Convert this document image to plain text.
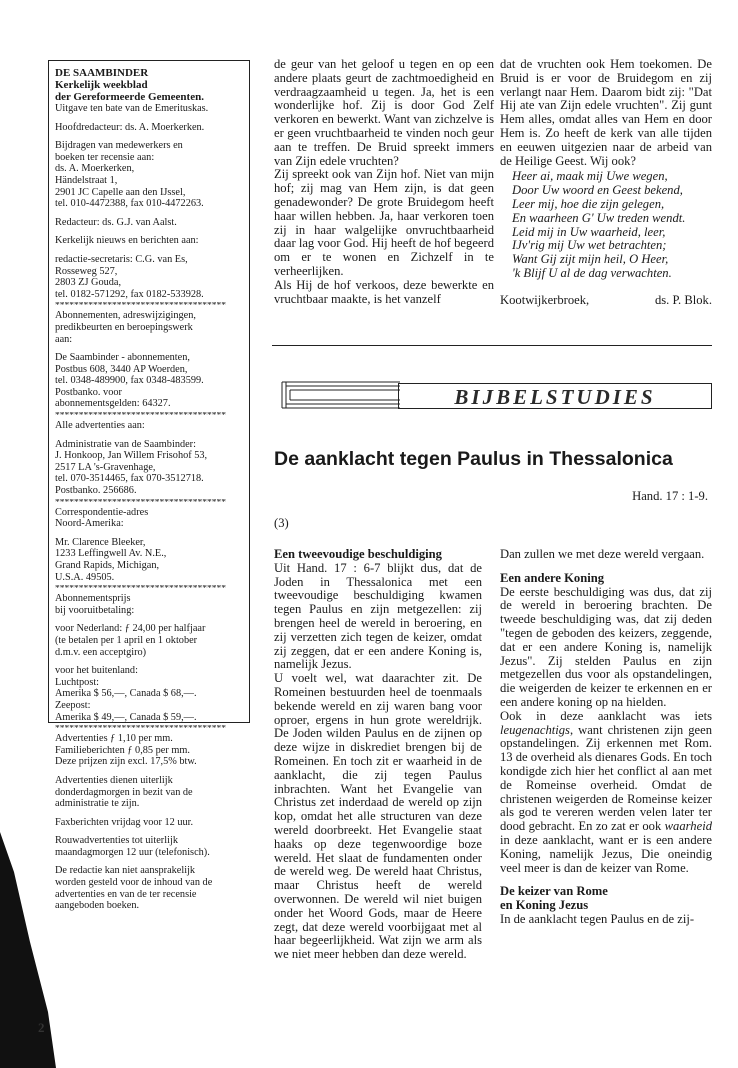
DE SAAMBINDER
Kerkelijk weekblad
der Gereformeerde Gemeenten.
Uitgave ten bate van de Emerituskas.
Hoofdredacteur: ds. A. Moerkerken.
Bijdragen van medewerkers en
boeken ter recensie aan:
ds. A. Moerkerken,
Händelstraat 1,
2901 JC Capelle aan den IJssel,
tel. 010-4472388, fax 010-4472263.
Redacteur: ds. G.J. van Aalst.
Kerkelijk nieuws en berichten aan:
redactie-secretaris: C.G. van Es,
Rosseweg 527,
2803 ZJ Gouda,
tel. 0182-571292, fax 0182-533928.
************************************
Abonnementen, adreswijzigingen,
predikbeurten en beroepingswerk
aan:
De Saambinder - abonnementen,
Postbus 608, 3440 AP Woerden,
tel. 0348-489900, fax 0348-483599.
Postbanko. voor
abonnementsgelden: 64327.
************************************
Alle advertenties aan:
Administratie van de Saambinder:
J. Honkoop, Jan Willem Frisohof 53,
2517 LA 's-Gravenhage,
tel. 070-3514465, fax 070-3512718.
Postbanko. 256686.
************************************
Correspondentie-adres
Noord-Amerika:
Mr. Clarence Bleeker,
1233 Leffingwell Av. N.E.,
Grand Rapids, Michigan,
U.S.A. 49505.
************************************
Abonnementsprijs
bij vooruitbetaling:
voor Nederland: ƒ 24,00 per halfjaar
(te betalen per 1 april en 1 oktober
d.m.v. een acceptgiro)
voor het buitenland:
Luchtpost:
Amerika $ 56,—, Canada $ 68,—.
Zeepost:
Amerika $ 49,—, Canada $ 59,—.
************************************
Advertenties ƒ 1,10 per mm.
Familieberichten ƒ 0,85 per mm.
Deze prijzen zijn excl. 17,5% btw.
Advertenties dienen uiterlijk
donderdagmorgen in bezit van de
administratie te zijn.
Faxberichten vrijdag voor 12 uur.
Rouwadvertenties tot uiterlijk
maandagmorgen 12 uur (telefonisch).
De redactie kan niet aansprakelijk
worden gesteld voor de inhoud van de
advertenties en van de ter recensie
aangeboden boeken.

de geur van het geloof u tegen en op een andere plaats geurt de zachtmoedigheid en verdraagzaamheid u tegen. Ja, het is een wonderlijke hof. Zij is door God Zelf verkoren en bewerkt. Want van zichzelve is er geen vruchtbaarheid te vinden noch geur aan te treffen. De Bruid spreekt immers van Zijn edele vruchten?

Zij spreekt ook van Zijn hof. Niet van mijn hof; zij mag van Hem zijn, is dat geen genadewonder? De grote Bruidegom heeft haar willen hebben. Ja, haar verkoren toen zij in haar walgelijke onvruchtbaarheid daar lag voor God. Hij heeft de hof begeerd om er te wonen en Zichzelf in te verheerlijken.

Als Hij de hof verkoos, deze bewerkte en vruchtbaar maakte, is het vanzelf

dat de vruchten ook Hem toekomen. De Bruid is er voor de Bruidegom en zij verlangt naar Hem. Daarom bidt zij: "Dat Hij ate van Zijn edele vruchten". Zij gunt Hem alles, omdat alles van Hem en door Hem is. Zo heeft de kerk van alle tijden en eeuwen uitgezien naar de arbeid van de Heilige Geest. Wij ook?

Heer ai, maak mij Uwe wegen,
Door Uw woord en Geest bekend,
Leer mij, hoe die zijn gelegen,
En waarheen G' Uw treden wendt.
Leid mij in Uw waarheid, leer,
IJv'rig mij Uw wet betrachten;
Want Gij zijt mijn heil, O Heer,
'k Blijf U al de dag verwachten.
Kootwijkerbroek,	ds. P. Blok.
BIJBELSTUDIES
De aanklacht tegen Paulus in Thessalonica
Hand. 17 : 1-9.
(3)
Een tweevoudige beschuldiging

Uit Hand. 17 : 6-7 blijkt dus, dat de Joden in Thessalonica met een tweevoudige beschuldiging kwamen tegen Paulus en zijn metgezellen: zij brengen heel de wereld in beroering, en zij verzetten zich tegen de keizer, omdat zij zeggen, dat er een andere Koning is, namelijk Jezus.

U voelt wel, wat daarachter zit. De Romeinen bestuurden heel de toenmaals bekende wereld en zij waren bang voor oproer, ergens in hun grote wereldrijk. De Joden wilden Paulus en de zijnen op deze wijze in diskrediet brengen bij de Romeinen. En toch zit er waarheid in de aanklacht, die zij tegen Paulus inbrachten. Want het Evangelie van Christus zet inderdaad de wereld op zijn kop, omdat het alle structuren van deze wereld doorbreekt. Het Evangelie staat haaks op deze tegenwoordige boze wereld. Het slaat de fundamenten onder de wereld weg. De wereld haat Christus, maar Christus heeft de wereld overwonnen. De wereld wil niet buigen onder het Woord Gods, maar de Heere zegt, dat deze wereld voorbijgaat met al haar begeerlijkheid. Wat zijn we arm als we niet meer hebben dan deze wereld.

Dan zullen we met deze wereld vergaan.

Een andere Koning

De eerste beschuldiging was dus, dat zij de wereld in beroering brachten. De tweede beschuldiging was, dat zij deden "tegen de geboden des keizers, zeggende, dat er een andere Koning is, namelijk Jezus". Zij stelden Paulus en zijn metgezellen dus voor als opstandelingen, die weigerden de keizer te erkennen en er een andere koning op na hielden.

Ook in deze aanklacht was iets leugenachtigs, want christenen zijn geen opstandelingen. Zij erkennen met Rom. 13 de overheid als dienares Gods. En toch kondigde zich hier het conflict al aan met de Romeinse overheid. Omdat de christenen weigerden de Romeinse keizer als god te vereren werden velen later ter dood gebracht. En zo zat er ook waarheid in deze aanklacht, want er is een andere Koning, namelijk Jezus, Die oneindig veel meer is dan de keizer van Rome.

De keizer van Rome
en Koning Jezus

In de aanklacht tegen Paulus en de zij-

2
